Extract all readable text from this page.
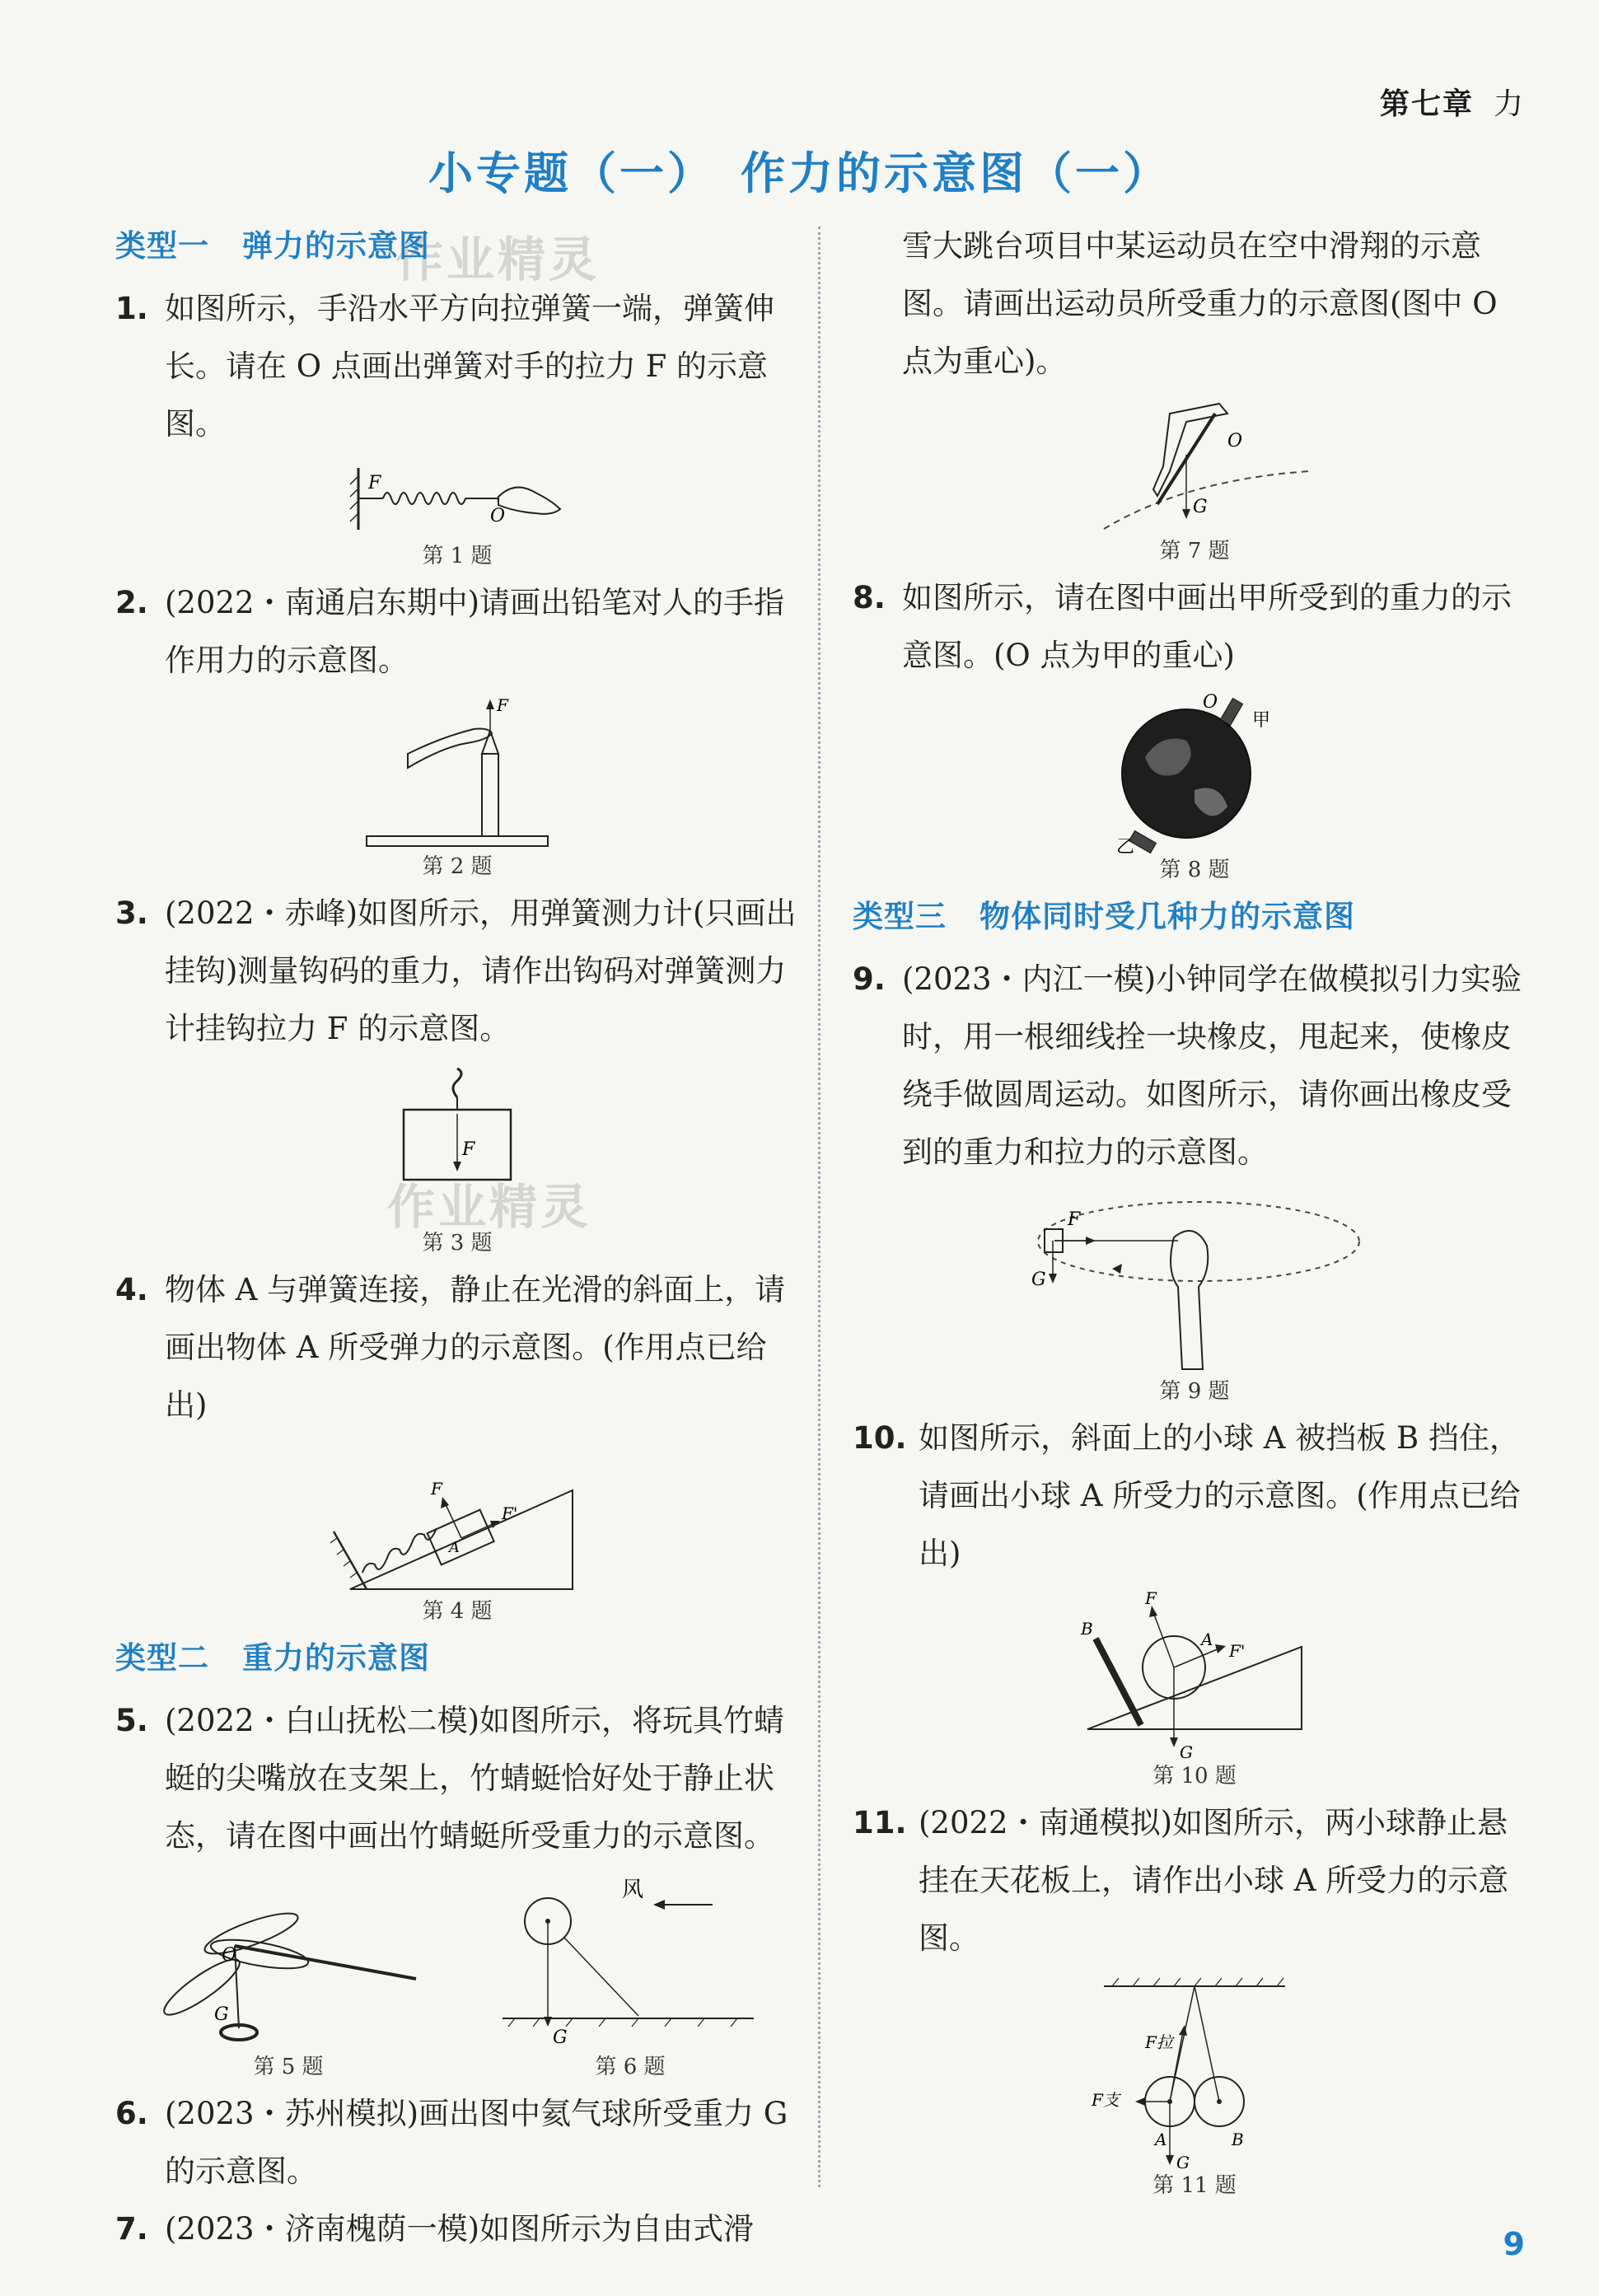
第七章 力
小专题（一）　作力的示意图（一）
作业精灵
作业精灵
类型一 弹力的示意图

1. 如图所示，手沿水平方向拉弹簧一端，弹簧伸长。请在 O 点画出弹簧对手的拉力 F 的示意图。

F
O
第 1 题

2. (2022・南通启东期中)请画出铅笔对人的手指作用力的示意图。

F
第 2 题

3. (2022・赤峰)如图所示，用弹簧测力计(只画出挂钩)测量钩码的重力，请作出钩码对弹簧测力计挂钩拉力 F 的示意图。

F
第 3 题

4. 物体 A 与弹簧连接，静止在光滑的斜面上，请画出物体 A 所受弹力的示意图。(作用点已给出)

F
F'
A
第 4 题
类型二 重力的示意图

5. (2022・白山抚松二模)如图所示，将玩具竹蜻蜓的尖嘴放在支架上，竹蜻蜓恰好处于静止状态，请在图中画出竹蜻蜓所受重力的示意图。

O
G
第 5 题
风
G
第 6 题

6. (2023・苏州模拟)画出图中氦气球所受重力 G 的示意图。

7. (2023・济南槐荫一模)如图所示为自由式滑

雪大跳台项目中某运动员在空中滑翔的示意图。请画出运动员所受重力的示意图(图中 O 点为重心)。

O
G
第 7 题

8. 如图所示，请在图中画出甲所受到的重力的示意图。(O 点为甲的重心)

O
甲
乙
第 8 题
类型三 物体同时受几种力的示意图

9. (2023・内江一模)小钟同学在做模拟引力实验时，用一根细线拴一块橡皮，甩起来，使橡皮绕手做圆周运动。如图所示，请你画出橡皮受到的重力和拉力的示意图。

F
G
第 9 题

10. 如图所示，斜面上的小球 A 被挡板 B 挡住，请画出小球 A 所受力的示意图。(作用点已给出)

F
B
A
F'
G
第 10 题

11. (2022・南通模拟)如图所示，两小球静止悬挂在天花板上，请作出小球 A 所受力的示意图。

F拉
F支
A	B
G
第 11 题
9
